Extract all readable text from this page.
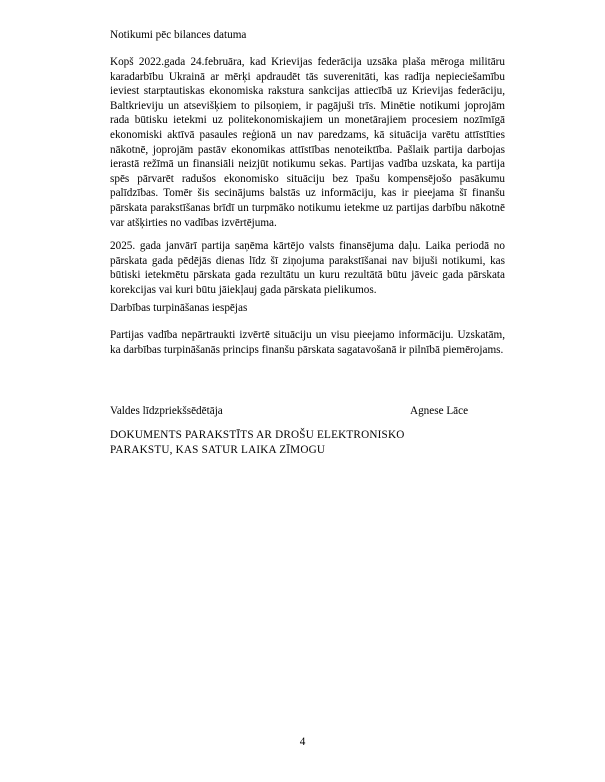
Notikumi pēc bilances datuma

Kopš 2022.gada 24.februāra, kad Krievijas federācija uzsāka plaša mēroga militāru karadarbību Ukrainā ar mērķi apdraudēt tās suverenitāti, kas radīja nepieciešamību ieviest starptautiskas ekonomiska rakstura sankcijas attiecībā uz Krievijas federāciju, Baltkrieviju un atsevišķiem to pilsoņiem, ir pagājuši trīs. Minētie notikumi joprojām rada būtisku ietekmi uz politekonomiskajiem un monetārajiem procesiem nozīmīgā ekonomiski aktīvā pasaules reģionā un nav paredzams, kā situācija varētu attīstīties nākotnē, joprojām pastāv ekonomikas attīstības nenoteiktība. Pašlaik partija darbojas ierastā režīmā un finansiāli neizjūt notikumu sekas. Partijas vadība uzskata, ka partija spēs pārvarēt radušos ekonomisko situāciju bez īpašu kompensējošo pasākumu palīdzības. Tomēr šis secinājums balstās uz informāciju, kas ir pieejama šī finanšu pārskata parakstīšanas brīdī un turpmāko notikumu ietekme uz partijas darbību nākotnē var atšķirties no vadības izvērtējuma.

2025. gada janvārī partija saņēma kārtējo valsts finansējuma daļu. Laika periodā no pārskata gada pēdējās dienas līdz šī ziņojuma parakstīšanai nav bijuši notikumi, kas būtiski ietekmētu pārskata gada rezultātu un kuru rezultātā būtu jāveic gada pārskata korekcijas vai kuri būtu jāiekļauj gada pārskata pielikumos.

Darbības turpināšanas iespējas

Partijas vadība nepārtraukti izvērtē situāciju un visu pieejamo informāciju. Uzskatām, ka darbības turpināšanās princips finanšu pārskata sagatavošanā ir pilnībā piemērojams.

Valdes līdzpriekšsēdētāja	Agnese Lāce
DOKUMENTS PARAKSTĪTS AR DROŠU ELEKTRONISKO
PARAKSTU, KAS SATUR LAIKA ZĪMOGU
4
